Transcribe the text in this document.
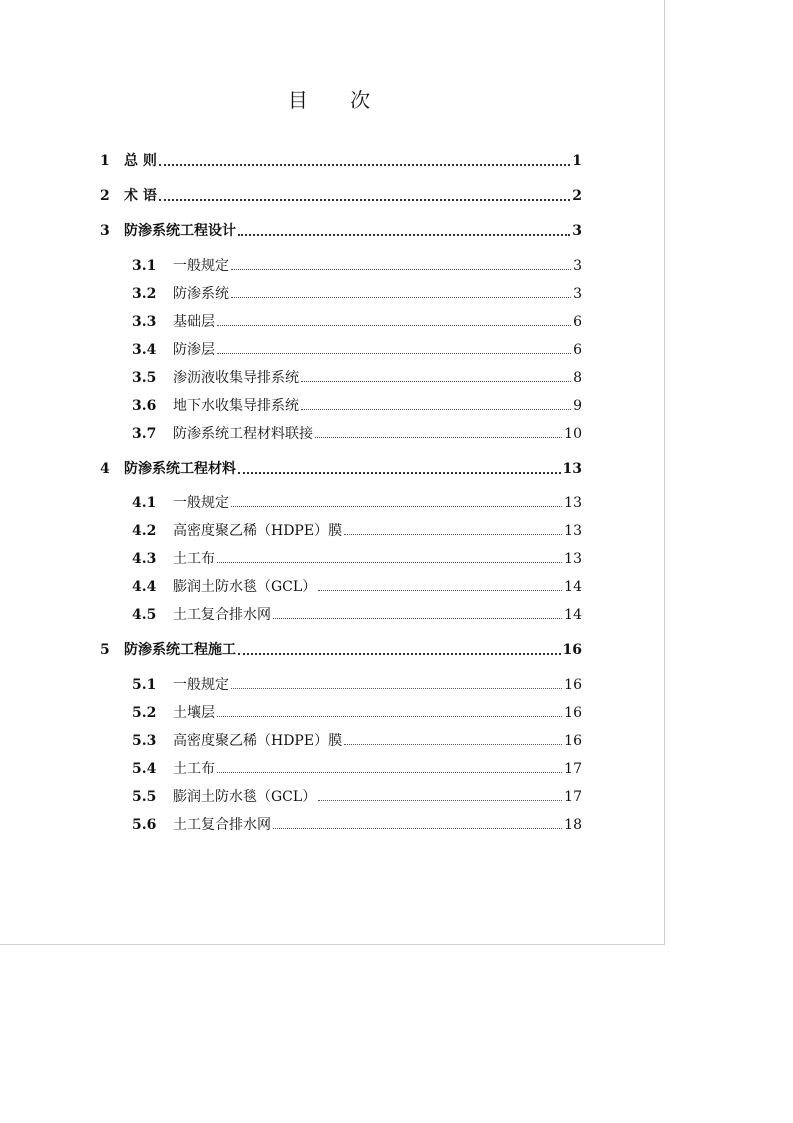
目 次
1	总 则	1
2	术 语	2
3	防渗系统工程设计	3
3.1	一般规定	3
3.2	防渗系统	3
3.3	基础层	6
3.4	防渗层	6
3.5	渗沥液收集导排系统	8
3.6	地下水收集导排系统	9
3.7	防渗系统工程材料联接	10
4	防渗系统工程材料	13
4.1	一般规定	13
4.2	高密度聚乙稀（HDPE）膜	13
4.3	土工布	13
4.4	膨润土防水毯（GCL）	14
4.5	土工复合排水网	14
5	防渗系统工程施工	16
5.1	一般规定	16
5.2	土壤层	16
5.3	高密度聚乙稀（HDPE）膜	16
5.4	土工布	17
5.5	膨润土防水毯（GCL）	17
5.6	土工复合排水网	18
